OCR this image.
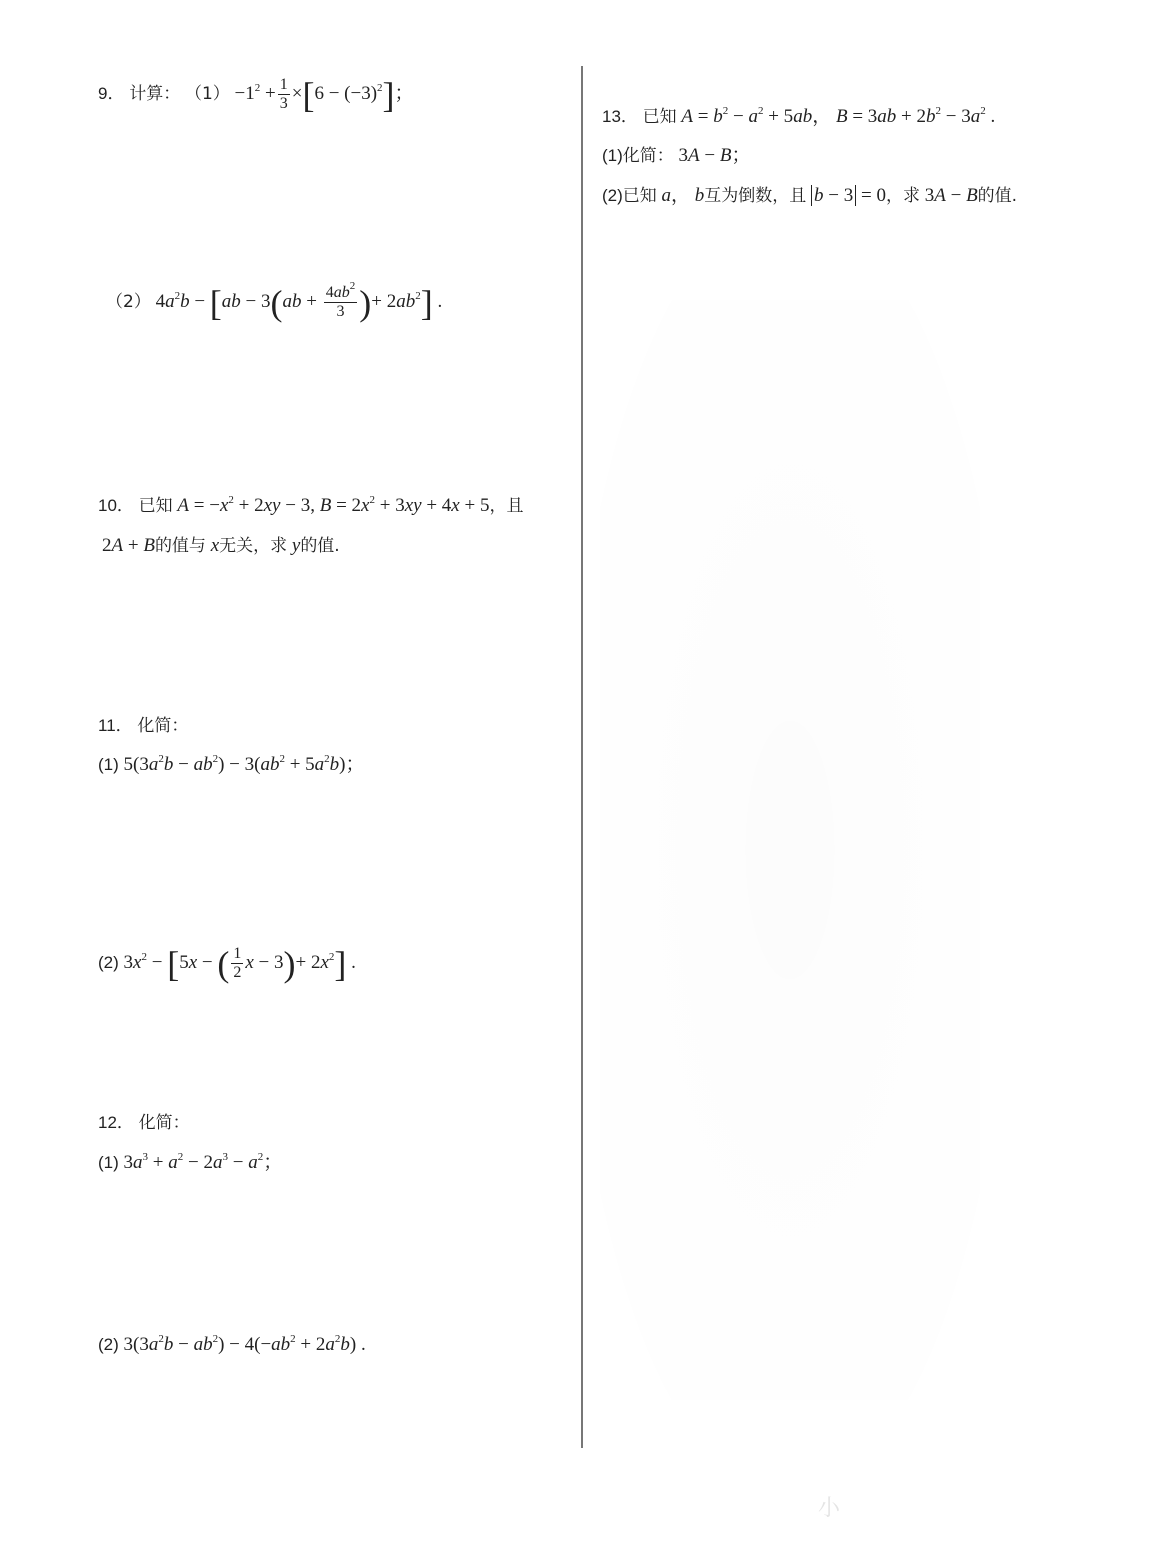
9． 计算： $(1) -1^2 + \frac{1}{3} \times[6 - (-3)^2]$；
（2） $4a^2b - [ab - 3(ab + \frac{4ab^2}{3}$ )+ $2ab^2$] .
10． 已知 $A = -x^2 + 2xy - 3$, $B = 2x^2 + 3xy + 4x + 5$，且
2A + B的值与 x无关，求 y的值.
11． 化简：
(1) $5(3a^2b - ab^2) - 3(ab^2 + 5a^2b)$；
(2) $3x^2 - [5x$ − ( $\frac{1}{2}$ $x - 3)+ 2x^2$] .
12． 化简：
(1) $3a^3 + a^2 - 2a^3 - a^2$；
(2) $3(3a^2b - ab^2) - 4(-ab^2 + 2a^2b)$ .
13． 已知 $A = b^2 - a^2 + 5ab$， $B = 3ab + 2b^2 - 3a^2$ .
(1)化简： 3A − B；
(2)已知 a， b互为倒数，且 b − 3 = 0，求 3A − B的值.
小
